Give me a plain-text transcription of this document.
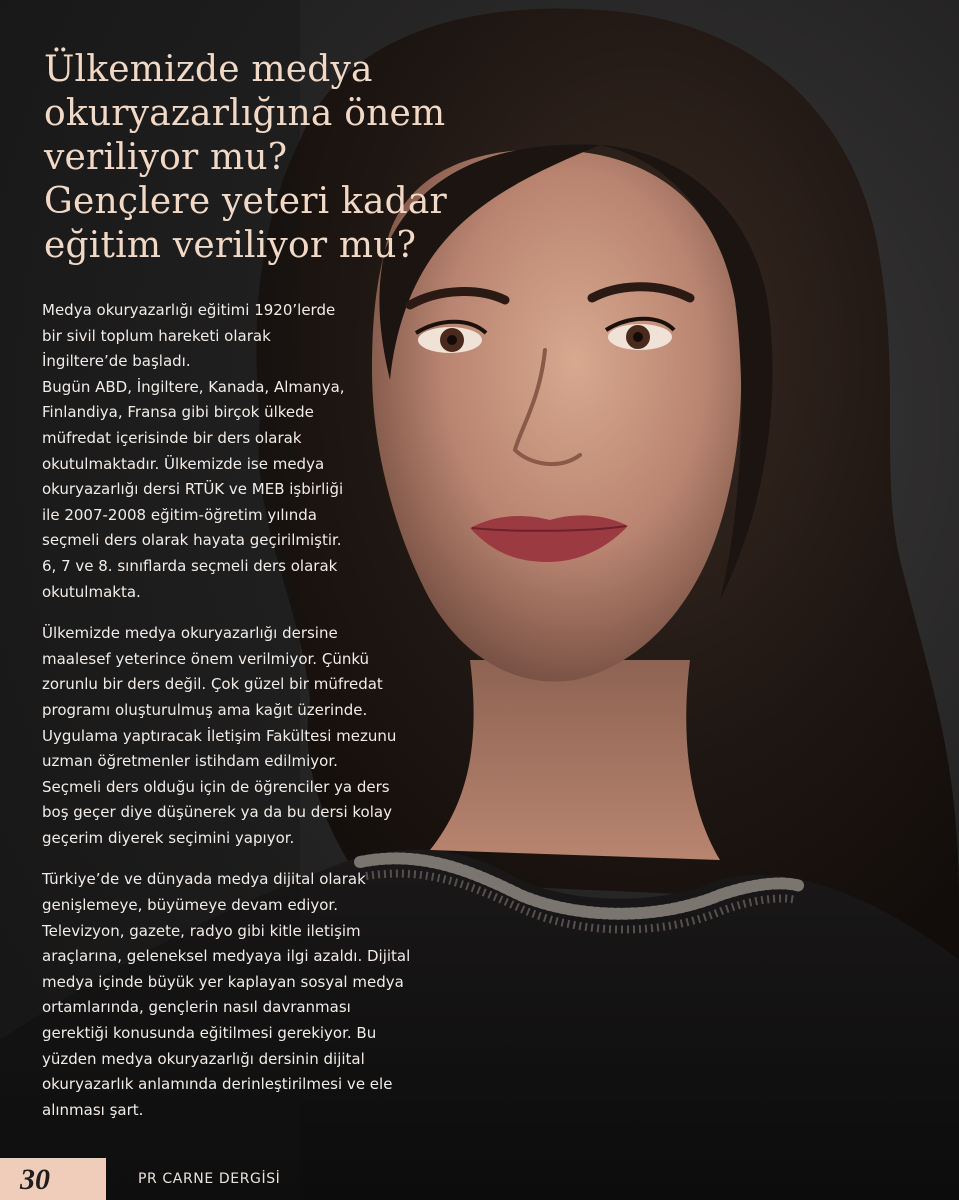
Ülkemizde medya okuryazarlığına önem veriliyor mu? Gençlere yeteri kadar eğitim veriliyor mu?

Medya okuryazarlığı eğitimi 1920’lerde
bir sivil toplum hareketi olarak
İngiltere’de başladı.
Bugün ABD, İngiltere, Kanada, Almanya,
Finlandiya, Fransa gibi birçok ülkede
müfredat içerisinde bir ders olarak
okutulmaktadır. Ülkemizde ise medya
okuryazarlığı dersi RTÜK ve MEB işbirliği
ile 2007-2008 eğitim-öğretim yılında
seçmeli ders olarak hayata geçirilmiştir.
6, 7 ve 8. sınıflarda seçmeli ders olarak
okutulmakta.

Ülkemizde medya okuryazarlığı dersine
maalesef yeterince önem verilmiyor. Çünkü
zorunlu bir ders değil. Çok güzel bir müfredat
programı oluşturulmuş ama kağıt üzerinde.
Uygulama yaptıracak İletişim Fakültesi mezunu
uzman öğretmenler istihdam edilmiyor.
Seçmeli ders olduğu için de öğrenciler ya ders
boş geçer diye düşünerek ya da bu dersi kolay
geçerim diyerek seçimini yapıyor.

Türkiye’de ve dünyada medya dijital olarak
genişlemeye, büyümeye devam ediyor.
Televizyon, gazete, radyo gibi kitle iletişim
araçlarına, geleneksel medyaya ilgi azaldı. Dijital
medya içinde büyük yer kaplayan sosyal medya
ortamlarında, gençlerin nasıl davranması
gerektiği konusunda eğitilmesi gerekiyor. Bu
yüzden medya okuryazarlığı dersinin dijital
okuryazarlık anlamında derinleştirilmesi ve ele
alınması şart.

30	PR CARNE DERGİSİ
